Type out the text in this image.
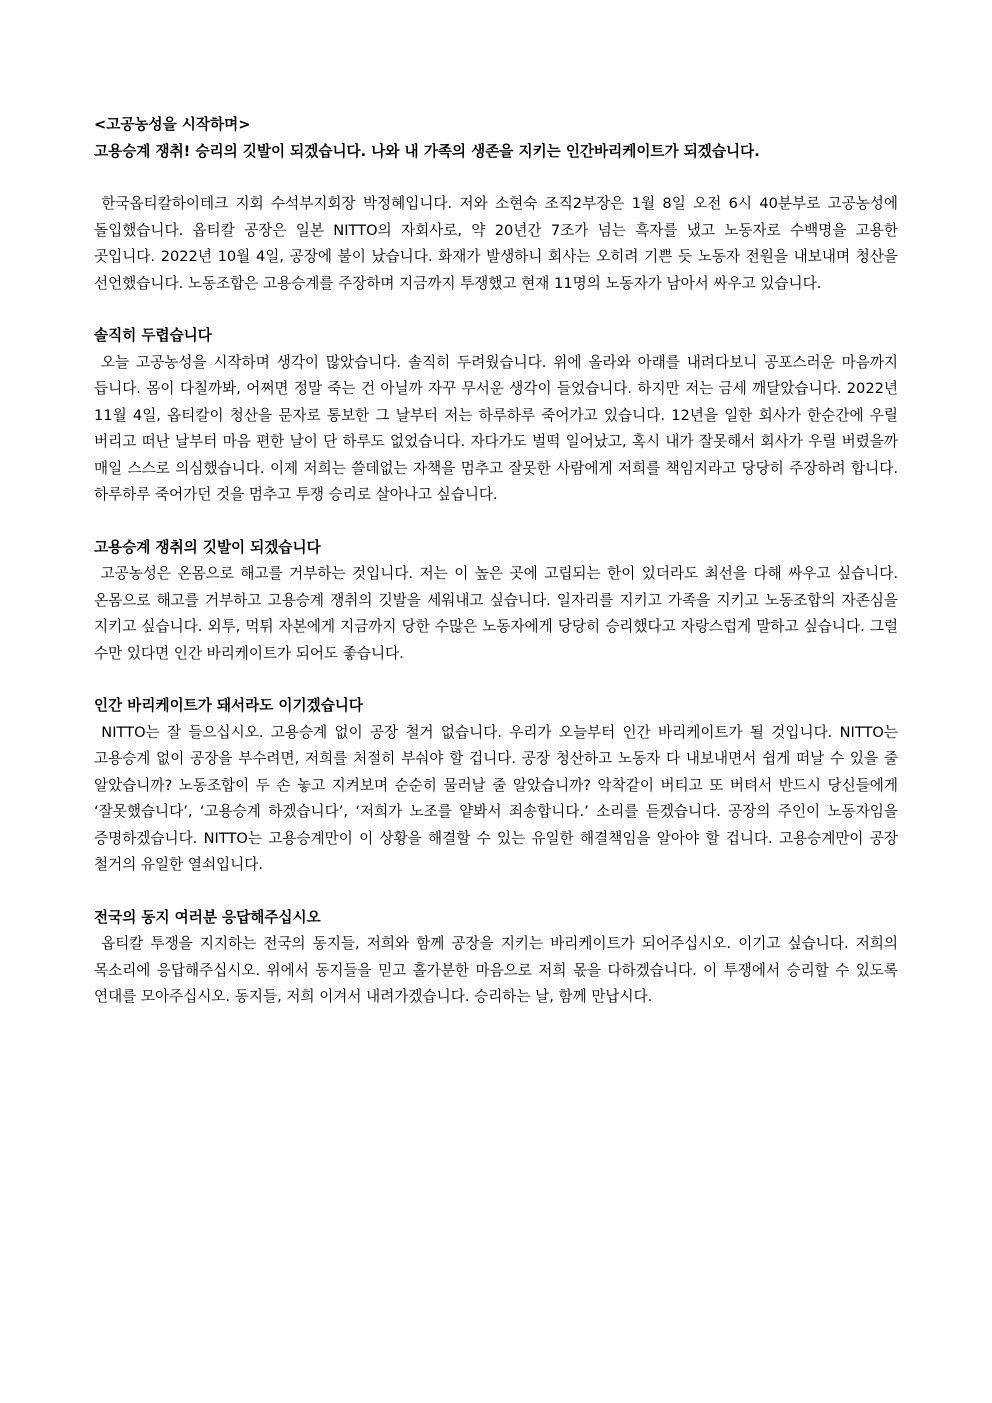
<고공농성을 시작하며>

고용승계 쟁취! 승리의 깃발이 되겠습니다. 나와 내 가족의 생존을 지키는 인간바리케이트가 되겠습니다.

한국옵티칼하이테크 지회 수석부지회장 박정혜입니다. 저와 소현숙 조직2부장은 1월 8일 오전 6시 40분부로 고공농성에 돌입했습니다. 옵티칼 공장은 일본 NITTO의 자회사로, 약 20년간 7조가 넘는 흑자를 냈고 노동자로 수백명을 고용한 곳입니다. 2022년 10월 4일, 공장에 불이 났습니다. 화재가 발생하니 회사는 오히려 기쁜 듯 노동자 전원을 내보내며 청산을 선언했습니다. 노동조합은 고용승계를 주장하며 지금까지 투쟁했고 현재 11명의 노동자가 남아서 싸우고 있습니다.

솔직히 두렵습니다

오늘 고공농성을 시작하며 생각이 많았습니다. 솔직히 두려웠습니다. 위에 올라와 아래를 내려다보니 공포스러운 마음까지 듭니다. 몸이 다칠까봐, 어쩌면 정말 죽는 건 아닐까 자꾸 무서운 생각이 들었습니다. 하지만 저는 금세 깨달았습니다. 2022년 11월 4일, 옵티칼이 청산을 문자로 통보한 그 날부터 저는 하루하루 죽어가고 있습니다. 12년을 일한 회사가 한순간에 우릴 버리고 떠난 날부터 마음 편한 날이 단 하루도 없었습니다. 자다가도 벌떡 일어났고, 혹시 내가 잘못해서 회사가 우릴 버렸을까 매일 스스로 의심했습니다. 이제 저희는 쓸데없는 자책을 멈추고 잘못한 사람에게 저희를 책임지라고 당당히 주장하려 합니다. 하루하루 죽어가던 것을 멈추고 투쟁 승리로 살아나고 싶습니다.

고용승계 쟁취의 깃발이 되겠습니다

고공농성은 온몸으로 해고를 거부하는 것입니다. 저는 이 높은 곳에 고립되는 한이 있더라도 최선을 다해 싸우고 싶습니다. 온몸으로 해고를 거부하고 고용승계 쟁취의 깃발을 세워내고 싶습니다. 일자리를 지키고 가족을 지키고 노동조합의 자존심을 지키고 싶습니다. 외투, 먹튀 자본에게 지금까지 당한 수많은 노동자에게 당당히 승리했다고 자랑스럽게 말하고 싶습니다. 그럴 수만 있다면 인간 바리케이트가 되어도 좋습니다.

인간 바리케이트가 돼서라도 이기겠습니다

NITTO는 잘 들으십시오. 고용승계 없이 공장 철거 없습니다. 우리가 오늘부터 인간 바리케이트가 될 것입니다. NITTO는 고용승계 없이 공장을 부수려면, 저희를 처절히 부숴야 할 겁니다. 공장 청산하고 노동자 다 내보내면서 쉽게 떠날 수 있을 줄 알았습니까? 노동조합이 두 손 놓고 지켜보며 순순히 물러날 줄 알았습니까? 악착같이 버티고 또 버텨서 반드시 당신들에게 ‘잘못했습니다’, ‘고용승계 하겠습니다’, ‘저희가 노조를 얕봐서 죄송합니다.’ 소리를 듣겠습니다. 공장의 주인이 노동자임을 증명하겠습니다. NITTO는 고용승계만이 이 상황을 해결할 수 있는 유일한 해결책임을 알아야 할 겁니다. 고용승계만이 공장 철거의 유일한 열쇠입니다.

전국의 동지 여러분 응답해주십시오

옵티칼 투쟁을 지지하는 전국의 동지들, 저희와 함께 공장을 지키는 바리케이트가 되어주십시오. 이기고 싶습니다. 저희의 목소리에 응답해주십시오. 위에서 동지들을 믿고 홀가분한 마음으로 저희 몫을 다하겠습니다. 이 투쟁에서 승리할 수 있도록 연대를 모아주십시오. 동지들, 저희 이겨서 내려가겠습니다. 승리하는 날, 함께 만납시다.
